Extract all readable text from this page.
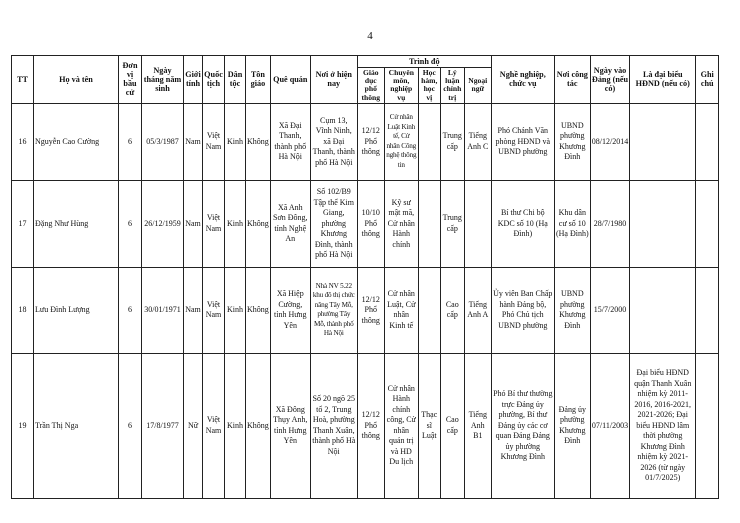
4
TT	Họ và tên	Đơn vị bầu cử	Ngày tháng năm sinh	Giới tính	Quốc tịch	Dân tộc	Tôn giáo	Quê quán	Nơi ở hiện nay	Trình độ					Nghề nghiệp, chức vụ	Nơi công tác	Ngày vào Đảng (nếu có)	Là đại biểu HĐND (nếu có)	Ghi chú
										Giáo dục phổ thông	Chuyên môn, nghiệp vụ	Học hàm, học vị	Lý luận chính trị	Ngoại ngữ					
16	Nguyễn Cao Cường	6	05/3/1987	Nam	Việt Nam	Kinh	Không	Xã Đại Thanh, thành phố Hà Nội	Cụm 13, Vĩnh Ninh, xã Đại Thanh, thành phố Hà Nội	12/12 Phổ thông	Cử nhân Luật Kinh tế, Cử nhân Công nghệ thông tin		Trung cấp	Tiếng Anh C	Phó Chánh Văn phòng HĐND và UBND phường	UBND phường Khương Đình	08/12/2014		
17	Đặng Như Hùng	6	26/12/1959	Nam	Việt Nam	Kinh	Không	Xã Anh Sơn Đông, tỉnh Nghệ An	Số 102/B9 Tập thể Kim Giang, phường Khương Đình, thành phố Hà Nội	10/10 Phổ thông	Kỹ sư mật mã, Cử nhân Hành chính		Trung cấp		Bí thư Chi bộ KDC số 10 (Hạ Đình)	Khu dân cư số 10 (Hạ Đình)	28/7/1980		
18	Lưu Đình Lượng	6	30/01/1971	Nam	Việt Nam	Kinh	Không	Xã Hiệp Cường, tỉnh Hưng Yên	Nhà NV 5.22 khu đô thị chức năng Tây Mỗ, phường Tây Mỗ, thành phố Hà Nội	12/12 Phổ thông	Cử nhân Luật, Cử nhân Kinh tế		Cao cấp	Tiếng Anh A	Ủy viên Ban Chấp hành Đảng bộ, Phó Chủ tịch UBND phường	UBND phường Khương Đình	15/7/2000		
19	Trần Thị Nga	6	17/8/1977	Nữ	Việt Nam	Kinh	Không	Xã Đông Thụy Anh, tỉnh Hưng Yên	Số 20 ngõ 25 tổ 2, Trung Hoà, phường Thanh Xuân, thành phố Hà Nội	12/12 Phổ thông	Cử nhân Hành chính công, Cử nhân quản trị và HD Du lịch	Thạc sĩ Luật	Cao cấp	Tiếng Anh B1	Phó Bí thư thường trực Đảng ủy phường, Bí thư Đảng ủy các cơ quan Đảng Đảng ủy phường Khương Đình	Đảng ủy phường Khương Đình	07/11/2003	Đại biểu HĐND quận Thanh Xuân nhiệm kỳ 2011-2016, 2016-2021, 2021-2026; Đại biểu HĐND lâm thời phường Khương Đình nhiệm kỳ 2021-2026 (từ ngày 01/7/2025)	
